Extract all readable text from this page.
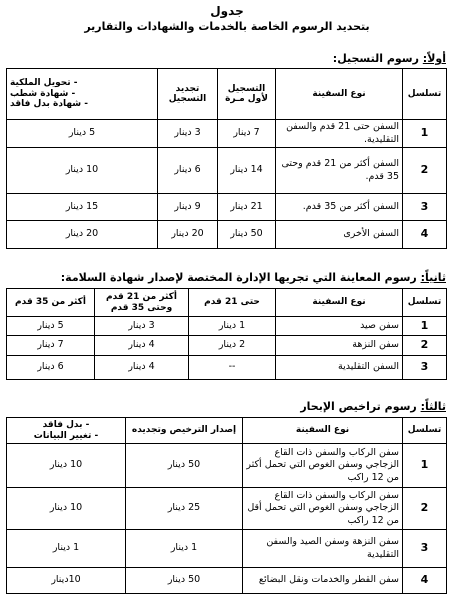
جدول
بتحديد الرسوم الخاصة بالخدمات والشهادات والتقارير
أولاً: رسوم التسجيل:
تسلسل	نوع السفينة	التسجيل لأول مـرة	تجديد التسجيل	- تحويل الملكية
- شهادة شطب
- شهادة بدل فاقد
1	السفن حتى 21 قدم والسفن التقليدية.	7 دينار	3 دينار	5 دينار
2	السفن أكثر من 21 قدم وحتى 35 قدم.	14 دينار	6 دينار	10 دينار
3	السفن أكثر من 35 قدم.	21 دينار	9 دينار	15 دينار
4	السفن الأخرى	50 دينار	20 دينار	20 دينار
ثانياً: رسوم المعاينة التي تجريها الإدارة المختصة لإصدار شهادة السلامة:
تسلسل	نوع السفينة	حتى 21 قدم	أكثر من 21 قدم وحتى 35 قدم	أكثر من 35 قدم
1	سفن صيد	1 دينار	3 دينار	5 دينار
2	سفن النزهة	2 دينار	4 دينار	7 دينار
3	السفن التقليدية	--	4 دينار	6 دينار
ثالثاً: رسوم تراخيص الإبحار
تسلسل	نوع السفينة	إصدار الترخيص وتجديده	- بدل فاقد
- تغيير البيانات
1	سفن الركاب والسفن ذات القاع الزجاجي وسفن الغوص التي تحمل أكثر من 12 راكب	50 دينار	10 دينار
2	سفن الركاب والسفن ذات القاع الزجاجي وسفن الغوص التي تحمل أقل من 12 راكب	25 دينار	10 دينار
3	سفن النزهة وسفن الصيد والسفن التقليدية	1 دينار	1 دينار
4	سفن القطر والخدمات ونقل البضائع	50 دينار	10دينار
